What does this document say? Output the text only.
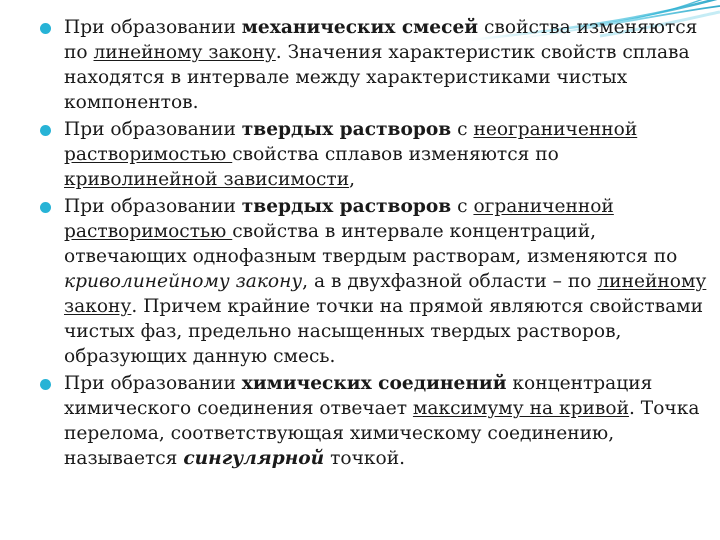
При образовании механических смесей свойства изменяются по линейному закону. Значения характеристик свойств сплава находятся в интервале между характеристиками чистых компонентов.
При образовании твердых растворов с неограниченной растворимостью свойства сплавов изменяются по криволинейной зависимости,
При образовании твердых растворов с ограниченной растворимостью свойства в интервале концентраций, отвечающих однофазным твердым растворам, изменяются по криволинейному закону, а в двухфазной области – по линейному закону. Причем крайние точки на прямой являются свойствами чистых фаз, предельно насыщенных твердых растворов, образующих данную смесь.
При образовании химических соединений концентрация химического соединения отвечает максимуму на кривой. Точка перелома, соответствующая химическому соединению, называется сингулярной точкой.
